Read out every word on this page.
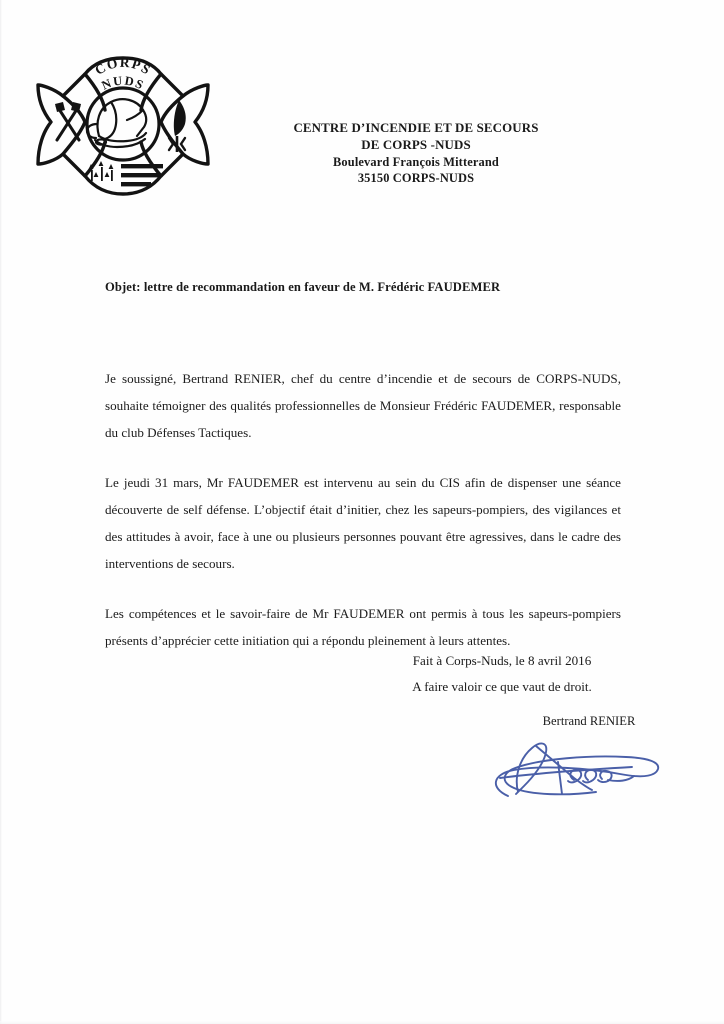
CORPS
NUDS
CENTRE D’INCENDIE ET DE SECOURS
DE CORPS -NUDS
Boulevard François Mitterand
35150 CORPS-NUDS
Objet: lettre de recommandation en faveur de M. Frédéric FAUDEMER

Je soussigné, Bertrand RENIER, chef du centre d’incendie et de secours de CORPS-NUDS, souhaite témoigner des qualités professionnelles de Monsieur Frédéric FAUDEMER, responsable du club Défenses Tactiques.

Le jeudi 31 mars, Mr FAUDEMER est intervenu au sein du CIS afin de dispenser une séance découverte de self défense. L’objectif était d’initier, chez les sapeurs-pompiers, des vigilances et des attitudes à avoir, face à une ou plusieurs personnes pouvant être agressives, dans le cadre des interventions de secours.

Les compétences et le savoir-faire de Mr FAUDEMER ont permis à tous les sapeurs-pompiers présents d’apprécier cette initiation qui a répondu pleinement à leurs attentes.

Fait à Corps-Nuds, le 8 avril 2016
A faire valoir ce que vaut de droit.
Bertrand RENIER
